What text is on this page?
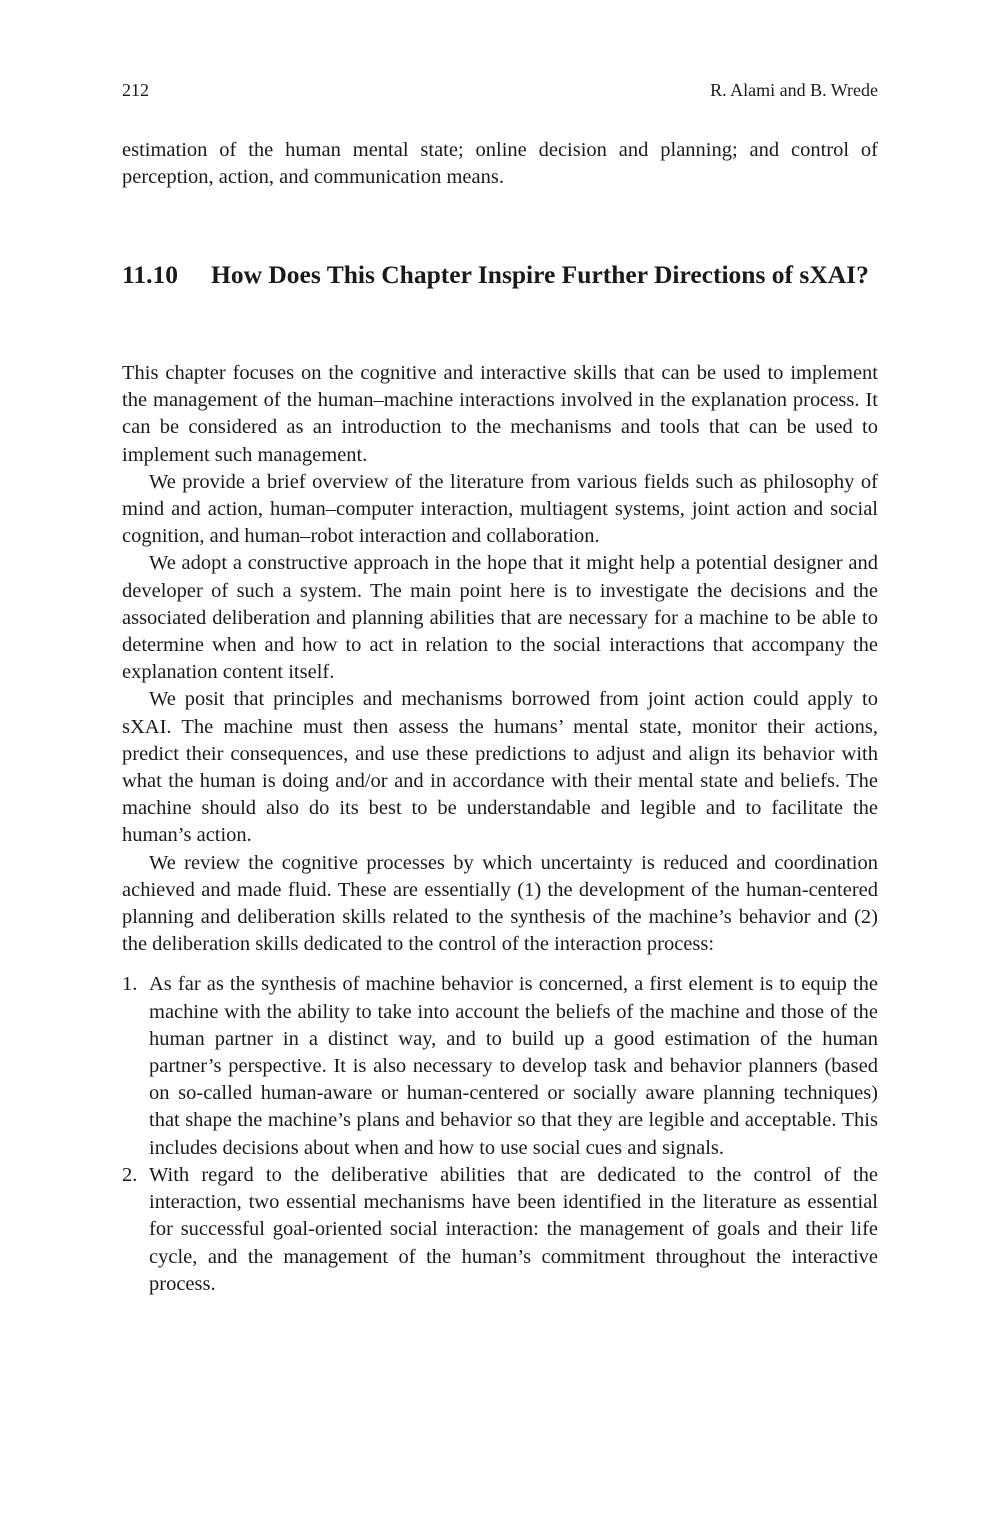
212	R. Alami and B. Wrede

estimation of the human mental state; online decision and planning; and control of perception, action, and communication means.

11.10	How Does This Chapter Inspire Further Directions of sXAI?

This chapter focuses on the cognitive and interactive skills that can be used to implement the management of the human–machine interactions involved in the explanation process. It can be considered as an introduction to the mechanisms and tools that can be used to implement such management.

We provide a brief overview of the literature from various fields such as philosophy of mind and action, human–computer interaction, multiagent systems, joint action and social cognition, and human–robot interaction and collaboration.

We adopt a constructive approach in the hope that it might help a potential designer and developer of such a system. The main point here is to investigate the decisions and the associated deliberation and planning abilities that are necessary for a machine to be able to determine when and how to act in relation to the social interactions that accompany the explanation content itself.

We posit that principles and mechanisms borrowed from joint action could apply to sXAI. The machine must then assess the humans’ mental state, monitor their actions, predict their consequences, and use these predictions to adjust and align its behavior with what the human is doing and/or and in accordance with their mental state and beliefs. The machine should also do its best to be understandable and legible and to facilitate the human’s action.

We review the cognitive processes by which uncertainty is reduced and coordination achieved and made fluid. These are essentially (1) the development of the human-centered planning and deliberation skills related to the synthesis of the machine’s behavior and (2) the deliberation skills dedicated to the control of the interaction process:

1. As far as the synthesis of machine behavior is concerned, a first element is to equip the machine with the ability to take into account the beliefs of the machine and those of the human partner in a distinct way, and to build up a good estimation of the human partner’s perspective. It is also necessary to develop task and behavior planners (based on so-called human-aware or human-centered or socially aware planning techniques) that shape the machine’s plans and behavior so that they are legible and acceptable. This includes decisions about when and how to use social cues and signals.
2. With regard to the deliberative abilities that are dedicated to the control of the interaction, two essential mechanisms have been identified in the literature as essential for successful goal-oriented social interaction: the management of goals and their life cycle, and the management of the human’s commitment throughout the interactive process.
